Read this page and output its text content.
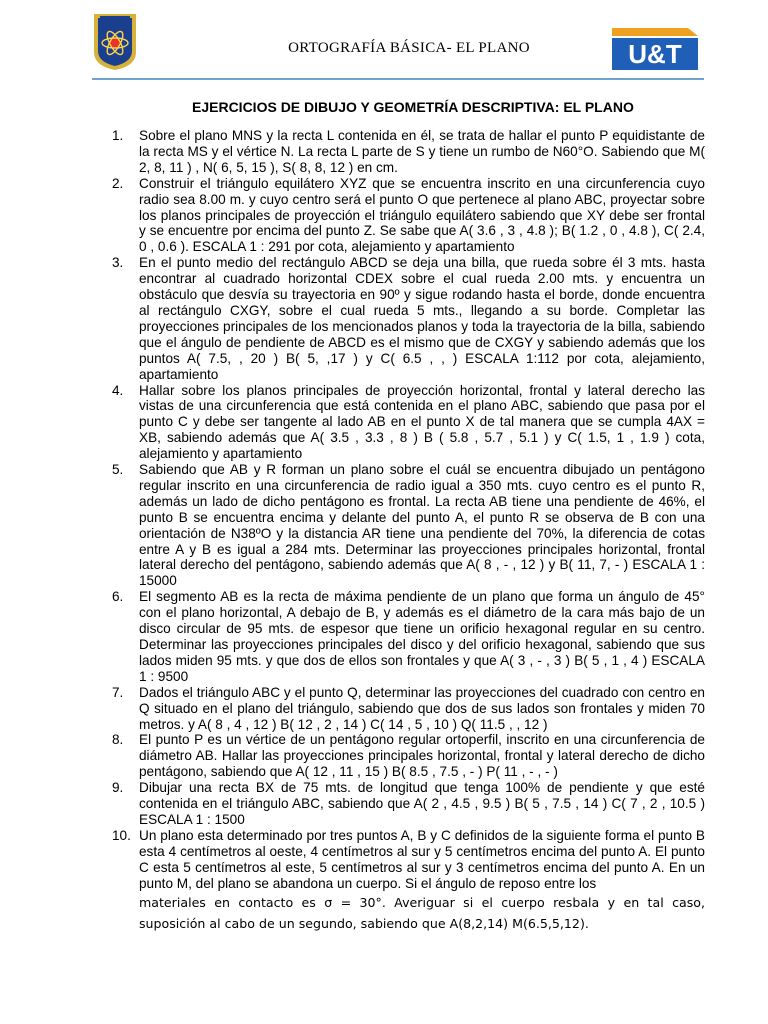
ORTOGRAFÍA BÁSICA- EL PLANO	U&T
EJERCICIOS DE DIBUJO Y GEOMETRÍA DESCRIPTIVA: EL PLANO
1. Sobre el plano MNS y la recta L contenida en él, se trata de hallar el punto P equidistante de la recta MS y el vértice N. La recta L parte de S y tiene un rumbo de N60°O. Sabiendo que M( 2, 8, 11 ) , N( 6, 5, 15 ), S( 8, 8, 12 ) en cm.
2. Construir el triángulo equilátero XYZ que se encuentra inscrito en una circunferencia cuyo radio sea 8.00 m. y cuyo centro será el punto O que pertenece al plano ABC, proyectar sobre los planos principales de proyección el triángulo equilátero sabiendo que XY debe ser frontal y se encuentre por encima del punto Z. Se sabe que A( 3.6 , 3 , 4.8 ); B( 1.2 , 0 , 4.8 ), C( 2.4, 0 , 0.6 ). ESCALA 1 : 291 por cota, alejamiento y apartamiento
3. En el punto medio del rectángulo ABCD se deja una billa, que rueda sobre él 3 mts. hasta encontrar al cuadrado horizontal CDEX sobre el cual rueda 2.00 mts. y encuentra un obstáculo que desvía su trayectoria en 90º y sigue rodando hasta el borde, donde encuentra al rectángulo CXGY, sobre el cual rueda 5 mts., llegando a su borde. Completar las proyecciones principales de los mencionados planos y toda la trayectoria de la billa, sabiendo que el ángulo de pendiente de ABCD es el mismo que de CXGY y sabiendo además que los puntos A( 7.5, , 20 ) B( 5, ,17 ) y C( 6.5 , , ) ESCALA 1:112 por cota, alejamiento, apartamiento
4. Hallar sobre los planos principales de proyección horizontal, frontal y lateral derecho las vistas de una circunferencia que está contenida en el plano ABC, sabiendo que pasa por el punto C y debe ser tangente al lado AB en el punto X de tal manera que se cumpla 4AX = XB, sabiendo además que A( 3.5 , 3.3 , 8 ) B ( 5.8 , 5.7 , 5.1 ) y C( 1.5, 1 , 1.9 ) cota, alejamiento y apartamiento
5. Sabiendo que AB y R forman un plano sobre el cuál se encuentra dibujado un pentágono regular inscrito en una circunferencia de radio igual a 350 mts. cuyo centro es el punto R, además un lado de dicho pentágono es frontal. La recta AB tiene una pendiente de 46%, el punto B se encuentra encima y delante del punto A, el punto R se observa de B con una orientación de N38ºO y la distancia AR tiene una pendiente del 70%, la diferencia de cotas entre A y B es igual a 284 mts. Determinar las proyecciones principales horizontal, frontal lateral derecho del pentágono, sabiendo además que A( 8 , - , 12 ) y B( 11, 7, - ) ESCALA 1 : 15000
6. El segmento AB es la recta de máxima pendiente de un plano que forma un ángulo de 45° con el plano horizontal, A debajo de B, y además es el diámetro de la cara más bajo de un disco circular de 95 mts. de espesor que tiene un orificio hexagonal regular en su centro. Determinar las proyecciones principales del disco y del orificio hexagonal, sabiendo que sus lados miden 95 mts. y que dos de ellos son frontales y que A( 3 , - , 3 ) B( 5 , 1 , 4 ) ESCALA 1 : 9500
7. Dados el triángulo ABC y el punto Q, determinar las proyecciones del cuadrado con centro en Q situado en el plano del triángulo, sabiendo que dos de sus lados son frontales y miden 70 metros. y A( 8 , 4 , 12 ) B( 12 , 2 , 14 ) C( 14 , 5 , 10 ) Q( 11.5 , , 12 )
8. El punto P es un vértice de un pentágono regular ortoperfil, inscrito en una circunferencia de diámetro AB. Hallar las proyecciones principales horizontal, frontal y lateral derecho de dicho pentágono, sabiendo que A( 12 , 11 , 15 ) B( 8.5 , 7.5 , - ) P( 11 , - , - )
9. Dibujar una recta BX de 75 mts. de longitud que tenga 100% de pendiente y que esté contenida en el triángulo ABC, sabiendo que A( 2 , 4.5 , 9.5 ) B( 5 , 7.5 , 14 ) C( 7 , 2 , 10.5 ) ESCALA 1 : 1500
10. Un plano esta determinado por tres puntos A, B y C definidos de la siguiente forma el punto B esta 4 centímetros al oeste, 4 centímetros al sur y 5 centímetros encima del punto A. El punto C esta 5 centímetros al este, 5 centímetros al sur y 3 centímetros encima del punto A. En un punto M, del plano se abandona un cuerpo. Si el ángulo de reposo entre los
materiales en contacto es σ = 30°. Averiguar si el cuerpo resbala y en tal caso, suposición al cabo de un segundo, sabiendo que A(8,2,14) M(6.5,5,12).
